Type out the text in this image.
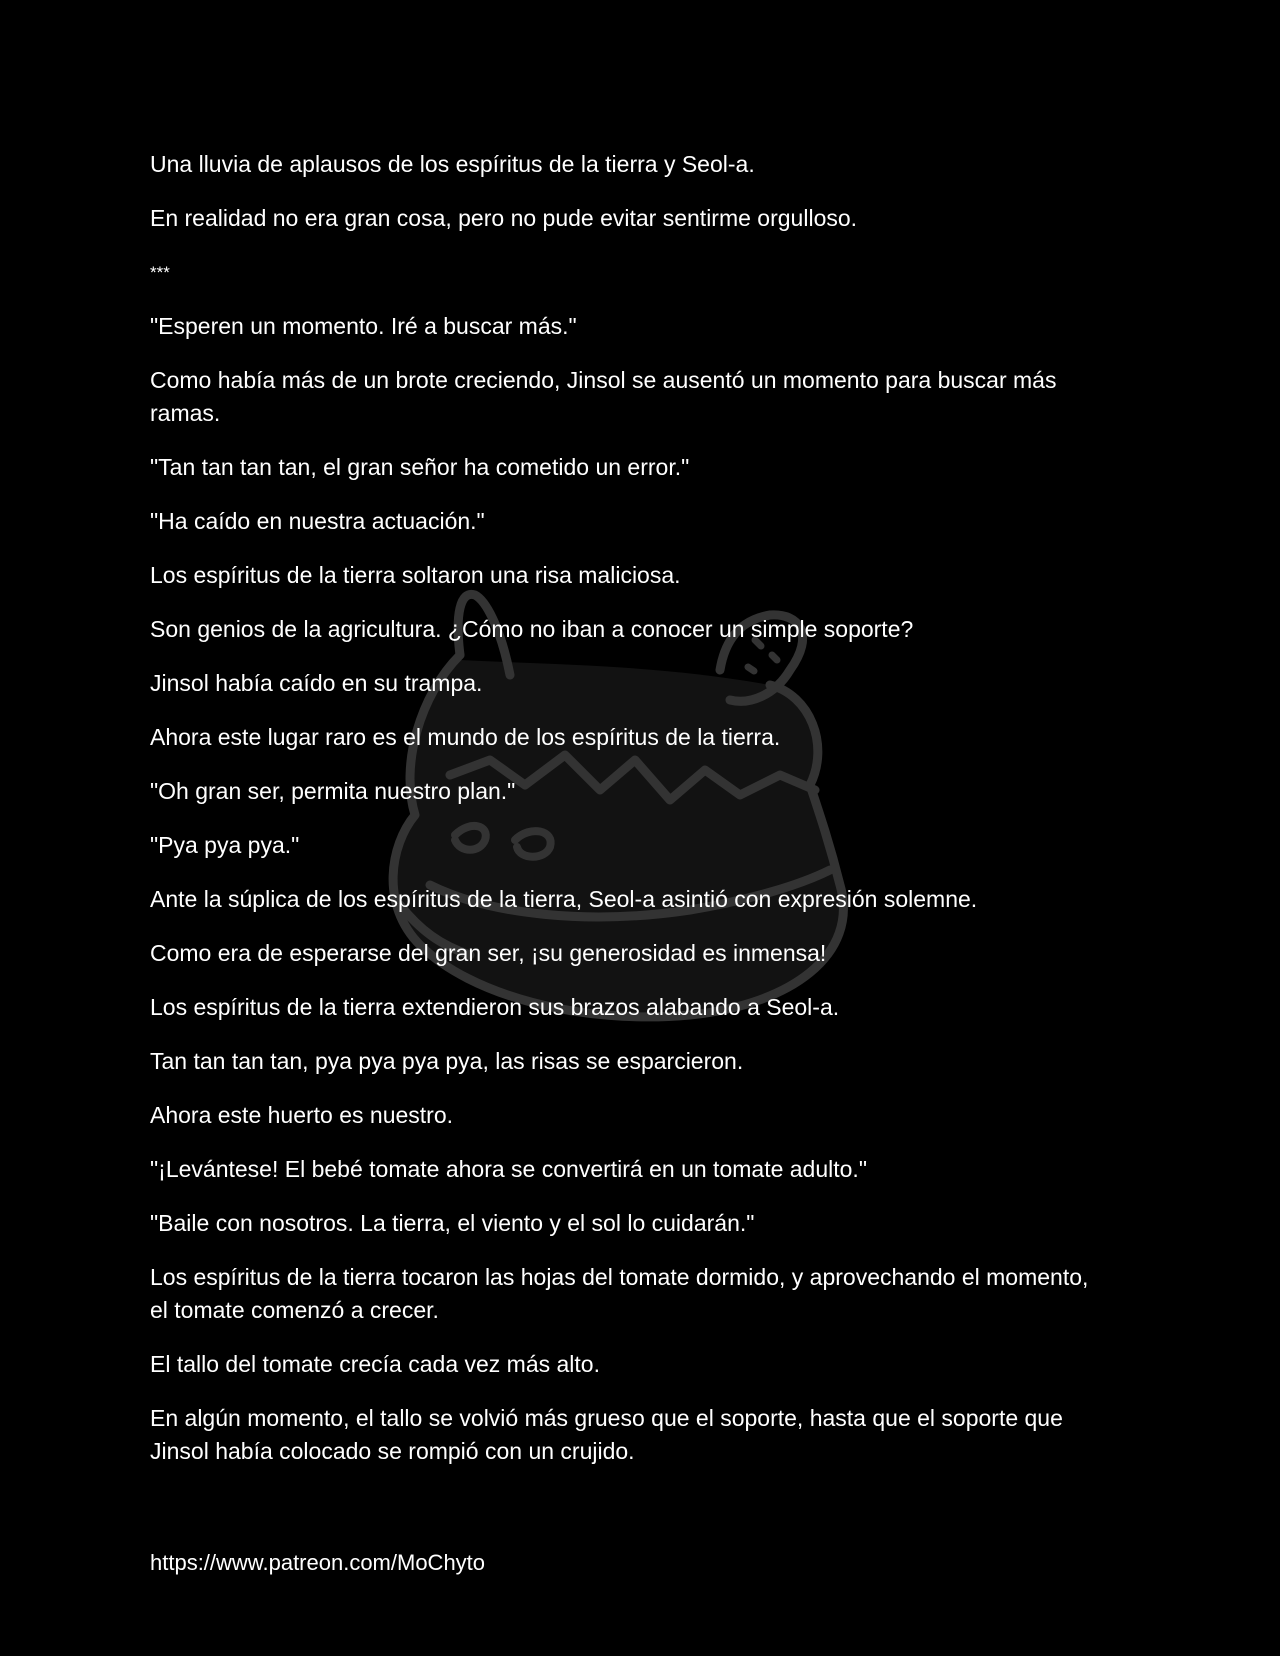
Una lluvia de aplausos de los espíritus de la tierra y Seol-a.

En realidad no era gran cosa, pero no pude evitar sentirme orgulloso.

***

"Esperen un momento. Iré a buscar más."

Como había más de un brote creciendo, Jinsol se ausentó un momento para buscar más ramas.

"Tan tan tan tan, el gran señor ha cometido un error."

"Ha caído en nuestra actuación."

Los espíritus de la tierra soltaron una risa maliciosa.

Son genios de la agricultura. ¿Cómo no iban a conocer un simple soporte?

Jinsol había caído en su trampa.

Ahora este lugar raro es el mundo de los espíritus de la tierra.

"Oh gran ser, permita nuestro plan."

"Pya pya pya."

Ante la súplica de los espíritus de la tierra, Seol-a asintió con expresión solemne.

Como era de esperarse del gran ser, ¡su generosidad es inmensa!

Los espíritus de la tierra extendieron sus brazos alabando a Seol-a.

Tan tan tan tan, pya pya pya pya, las risas se esparcieron.

Ahora este huerto es nuestro.

"¡Levántese! El bebé tomate ahora se convertirá en un tomate adulto."

"Baile con nosotros. La tierra, el viento y el sol lo cuidarán."

Los espíritus de la tierra tocaron las hojas del tomate dormido, y aprovechando el momento, el tomate comenzó a crecer.

El tallo del tomate crecía cada vez más alto.

En algún momento, el tallo se volvió más grueso que el soporte, hasta que el soporte que Jinsol había colocado se rompió con un crujido.

https://www.patreon.com/MoChyto
